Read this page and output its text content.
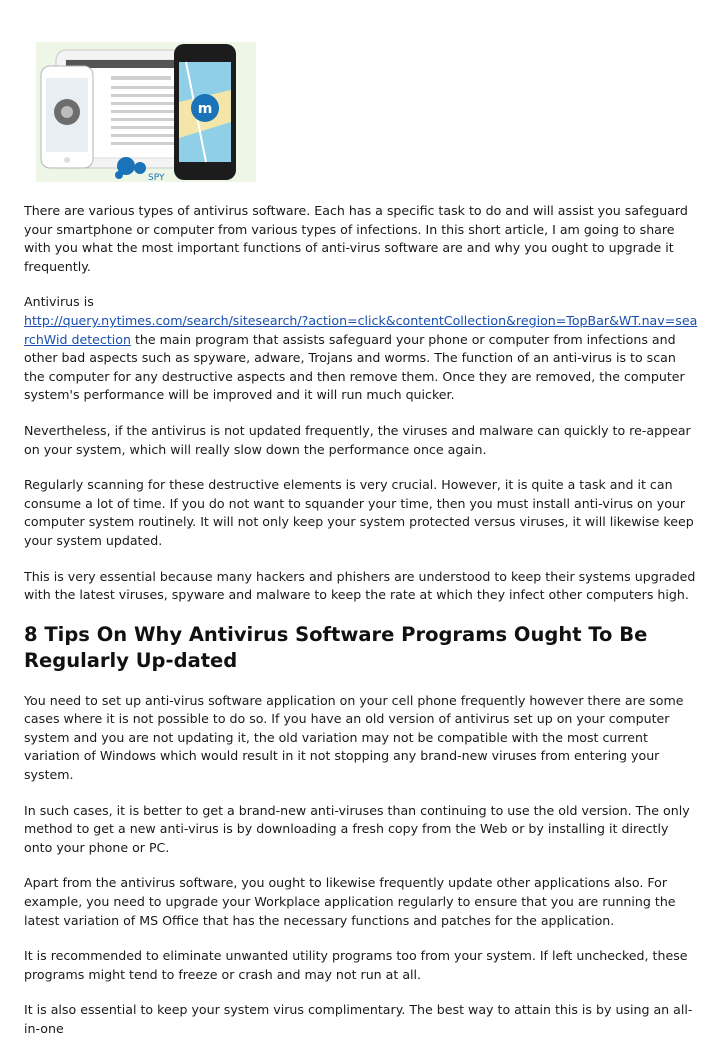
m
SPY

There are various types of antivirus software. Each has a specific task to do and will assist you safeguard your smartphone or computer from various types of infections. In this short article, I am going to share with you what the most important functions of anti-virus software are and why you ought to upgrade it frequently.

Antivirus is
http://query.nytimes.com/search/sitesearch/?action=click&contentCollection&region=TopBar&WT.nav=searchWid detection the main program that assists safeguard your phone or computer from infections and other bad aspects such as spyware, adware, Trojans and worms. The function of an anti-virus is to scan the computer for any destructive aspects and then remove them. Once they are removed, the computer system's performance will be improved and it will run much quicker.

Nevertheless, if the antivirus is not updated frequently, the viruses and malware can quickly to re-appear on your system, which will really slow down the performance once again.

Regularly scanning for these destructive elements is very crucial. However, it is quite a task and it can consume a lot of time. If you do not want to squander your time, then you must install anti-virus on your computer system routinely. It will not only keep your system protected versus viruses, it will likewise keep your system updated.

This is very essential because many hackers and phishers are understood to keep their systems upgraded with the latest viruses, spyware and malware to keep the rate at which they infect other computers high.

8 Tips On Why Antivirus Software Programs Ought To Be Regularly Up-dated

You need to set up anti-virus software application on your cell phone frequently however there are some cases where it is not possible to do so. If you have an old version of antivirus set up on your computer system and you are not updating it, the old variation may not be compatible with the most current variation of Windows which would result in it not stopping any brand-new viruses from entering your system.

In such cases, it is better to get a brand-new anti-viruses than continuing to use the old version. The only method to get a new anti-virus is by downloading a fresh copy from the Web or by installing it directly onto your phone or PC.

Apart from the antivirus software, you ought to likewise frequently update other applications also. For example, you need to upgrade your Workplace application regularly to ensure that you are running the latest variation of MS Office that has the necessary functions and patches for the application.

It is recommended to eliminate unwanted utility programs too from your system. If left unchecked, these programs might tend to freeze or crash and may not run at all.

It is also essential to keep your system virus complimentary. The best way to attain this is by using an all-in-one
